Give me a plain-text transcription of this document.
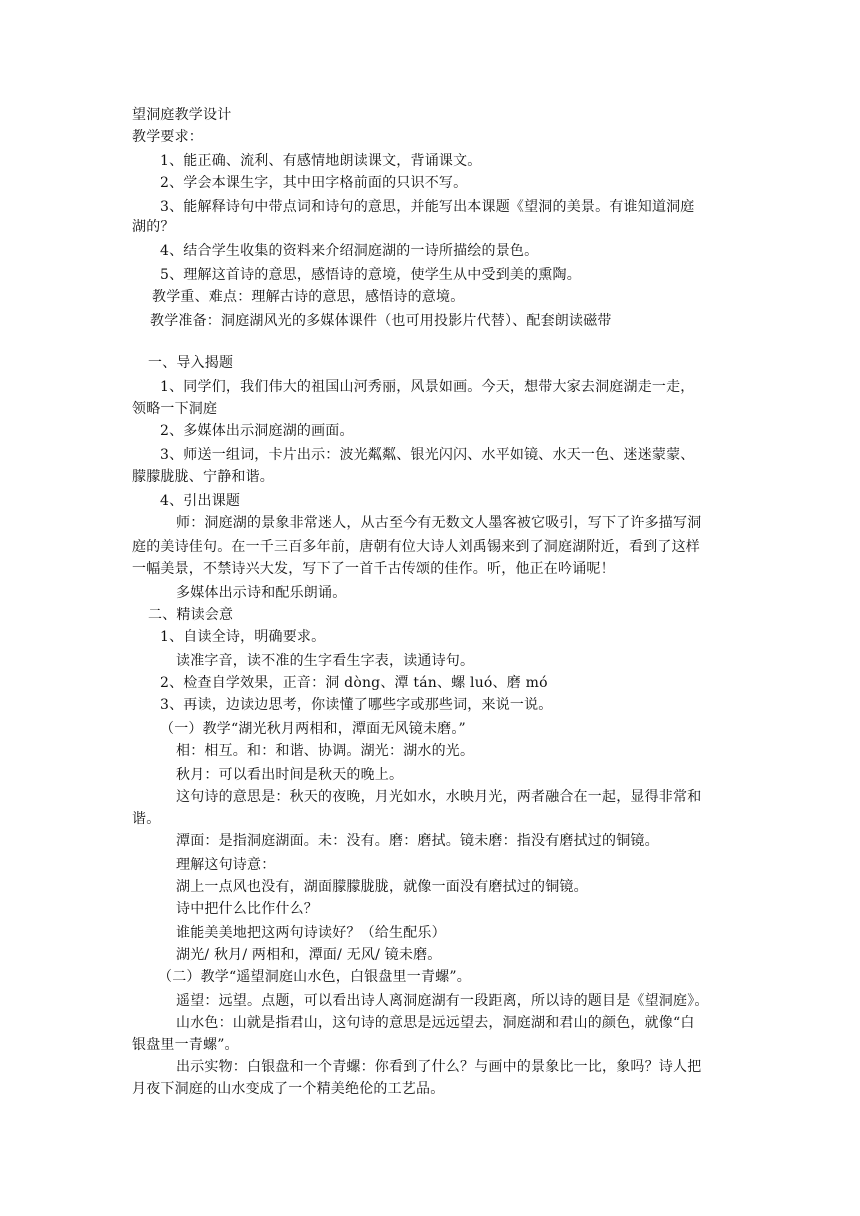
望洞庭教学设计
教学要求：
1、能正确、流利、有感情地朗读课文，背诵课文。
2、学会本课生字，其中田字格前面的只识不写。
3、能解释诗句中带点词和诗句的意思，并能写出本课题《望洞的美景。有谁知道洞庭
湖的？
4、结合学生收集的资料来介绍洞庭湖的一诗所描绘的景色。
5、理解这首诗的意思，感悟诗的意境，使学生从中受到美的熏陶。
教学重、难点：理解古诗的意思，感悟诗的意境。
教学准备：洞庭湖风光的多媒体课件（也可用投影片代替）、配套朗读磁带
一、导入揭题
1、同学们，我们伟大的祖国山河秀丽，风景如画。今天，想带大家去洞庭湖走一走，
领略一下洞庭
2、多媒体出示洞庭湖的画面。
3、师送一组词，卡片出示：波光粼粼、银光闪闪、水平如镜、水天一色、迷迷蒙蒙、
朦朦胧胧、宁静和谐。
4、引出课题
师：洞庭湖的景象非常迷人，从古至今有无数文人墨客被它吸引，写下了许多描写洞
庭的美诗佳句。在一千三百多年前，唐朝有位大诗人刘禹锡来到了洞庭湖附近，看到了这样
一幅美景，不禁诗兴大发，写下了一首千古传颂的佳作。听，他正在吟诵呢！
多媒体出示诗和配乐朗诵。
二、精读会意
1、自读全诗，明确要求。
读准字音，读不准的生字看生字表，读通诗句。
2、检查自学效果，正音：洞 dòng、潭 tán、螺 luó、磨 mó
3、再读，边读边思考，你读懂了哪些字或那些词，来说一说。
（一）教学“湖光秋月两相和，潭面无风镜未磨。”
相：相互。和：和谐、协调。湖光：湖水的光。
秋月：可以看出时间是秋天的晚上。
这句诗的意思是：秋天的夜晚，月光如水，水映月光，两者融合在一起，显得非常和
谐。
潭面：是指洞庭湖面。未：没有。磨：磨拭。镜未磨：指没有磨拭过的铜镜。
理解这句诗意：
湖上一点风也没有，湖面朦朦胧胧，就像一面没有磨拭过的铜镜。
诗中把什么比作什么？
谁能美美地把这两句诗读好？（给生配乐）
湖光/ 秋月/ 两相和，潭面/ 无风/ 镜未磨。
（二）教学“遥望洞庭山水色，白银盘里一青螺”。
遥望：远望。点题，可以看出诗人离洞庭湖有一段距离，所以诗的题目是《望洞庭》。
山水色：山就是指君山，这句诗的意思是远远望去，洞庭湖和君山的颜色，就像“白
银盘里一青螺”。
出示实物：白银盘和一个青螺：你看到了什么？与画中的景象比一比，象吗？诗人把
月夜下洞庭的山水变成了一个精美绝伦的工艺品。
